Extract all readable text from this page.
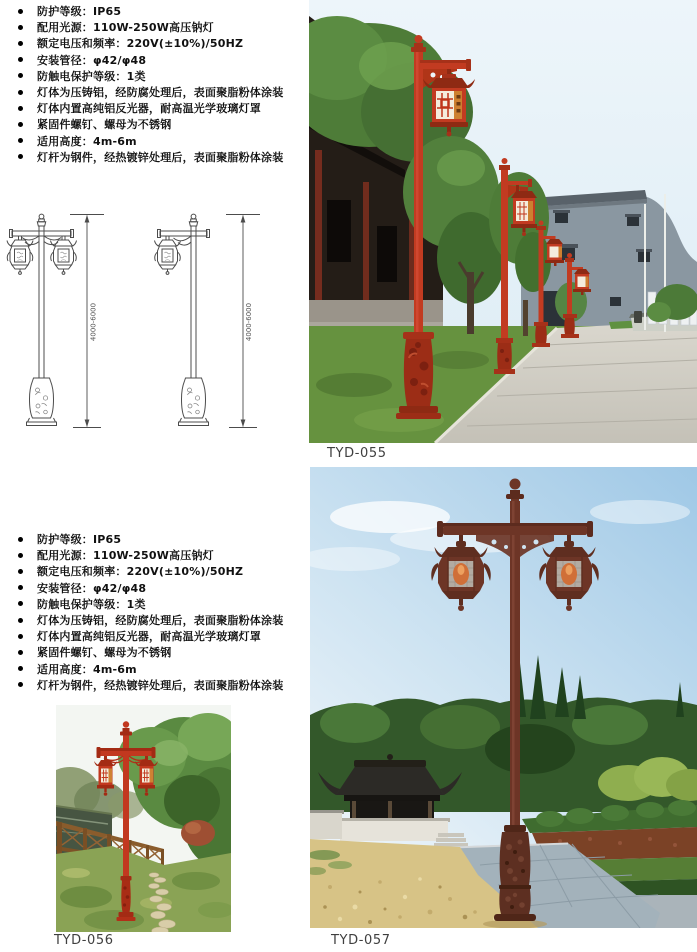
防护等级：IP65
配用光源：110W-250W高压钠灯
额定电压和频率：220V(±10%)/50HZ
安装管径：φ42/φ48
防触电保护等级：1类
灯体为压铸铝，经防腐处理后，表面聚脂粉体涂装
灯体内置高纯铝反光器，耐高温光学玻璃灯罩
紧固件螺钉、螺母为不锈钢
适用高度：4m-6m
灯杆为钢件，经热镀锌处理后，表面聚脂粉体涂装
4000-6000	4000-6000
TYD-055
防护等级：IP65
配用光源：110W-250W高压钠灯
额定电压和频率：220V(±10%)/50HZ
安装管径：φ42/φ48
防触电保护等级：1类
灯体为压铸铝，经防腐处理后，表面聚脂粉体涂装
灯体内置高纯铝反光器，耐高温光学玻璃灯罩
紧固件螺钉、螺母为不锈钢
适用高度：4m-6m
灯杆为钢件，经热镀锌处理后，表面聚脂粉体涂装
TYD-056	TYD-057
